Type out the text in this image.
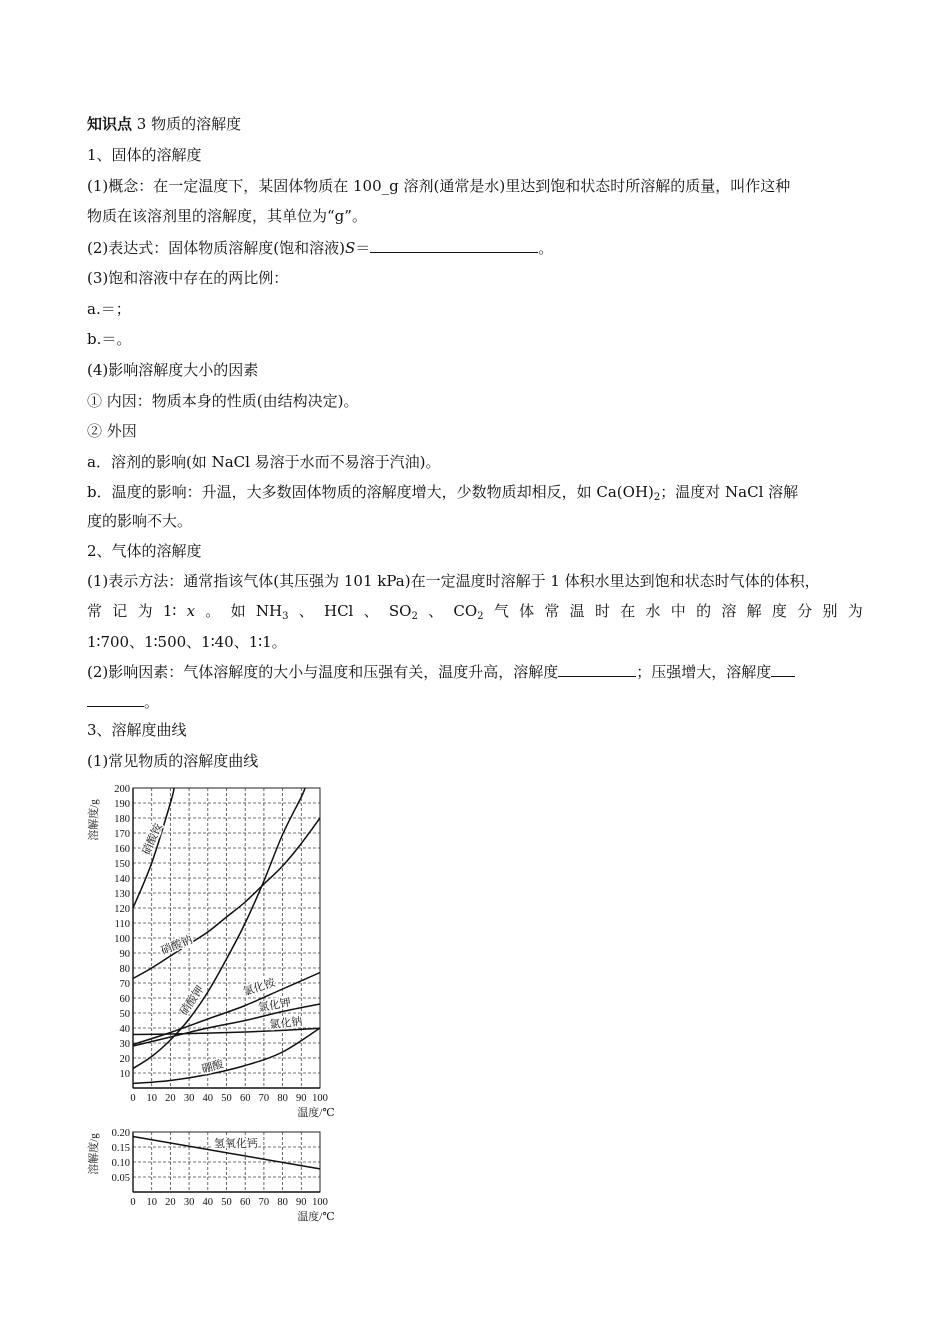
知识点 3 物质的溶解度
1、固体的溶解度
(1)概念：在一定温度下，某固体物质在 100_g 溶剂(通常是水)里达到饱和状态时所溶解的质量，叫作这种
物质在该溶剂里的溶解度，其单位为“g”。
(2)表达式：固体物质溶解度(饱和溶液)S＝	。
(3)饱和溶液中存在的两比例：
a.＝；
b.＝。
(4)影响溶解度大小的因素
① 内因：物质本身的性质(由结构决定)。
② 外因
a．溶剂的影响(如 NaCl 易溶于水而不易溶于汽油)。
b．温度的影响：升温，大多数固体物质的溶解度增大，少数物质却相反，如 $Ca(OH)_2$；温度对 NaCl 溶解
度的影响不大。
2、气体的溶解度
(1)表示方法：通常指该气体(其压强为 101 kPa)在一定温度时溶解于 1 体积水里达到饱和状态时气体的体积，
常 记 为 1∶ x 。 如 $NH_3$ 、 HCl 、 $SO_2$ 、 $CO_2$ 气 体 常 温 时 在 水 中 的 溶 解 度 分 别 为
1∶700、1∶500、1∶40、1∶1。
(2)影响因素：气体溶解度的大小与温度和压强有关，温度升高，溶解度	；压强增大，溶解度
。
3、溶解度曲线
(1)常见物质的溶解度曲线
0 10 20 30 40 50 60 70 80 90 100
10
20
30
40
50
60
70
80
90
100
110
120
130
140
150
160
170
180
190
200
温度/℃
溶解度/g	硝酸铵
硝酸钠
硝酸钾	氯化铵
氯化钾
氯化钠
硼酸
0 10 20 30 40 50 60 70 80 90 100
0.05
0.10
0.15
0.20
温度/℃
溶解度/g	氢氧化钙
